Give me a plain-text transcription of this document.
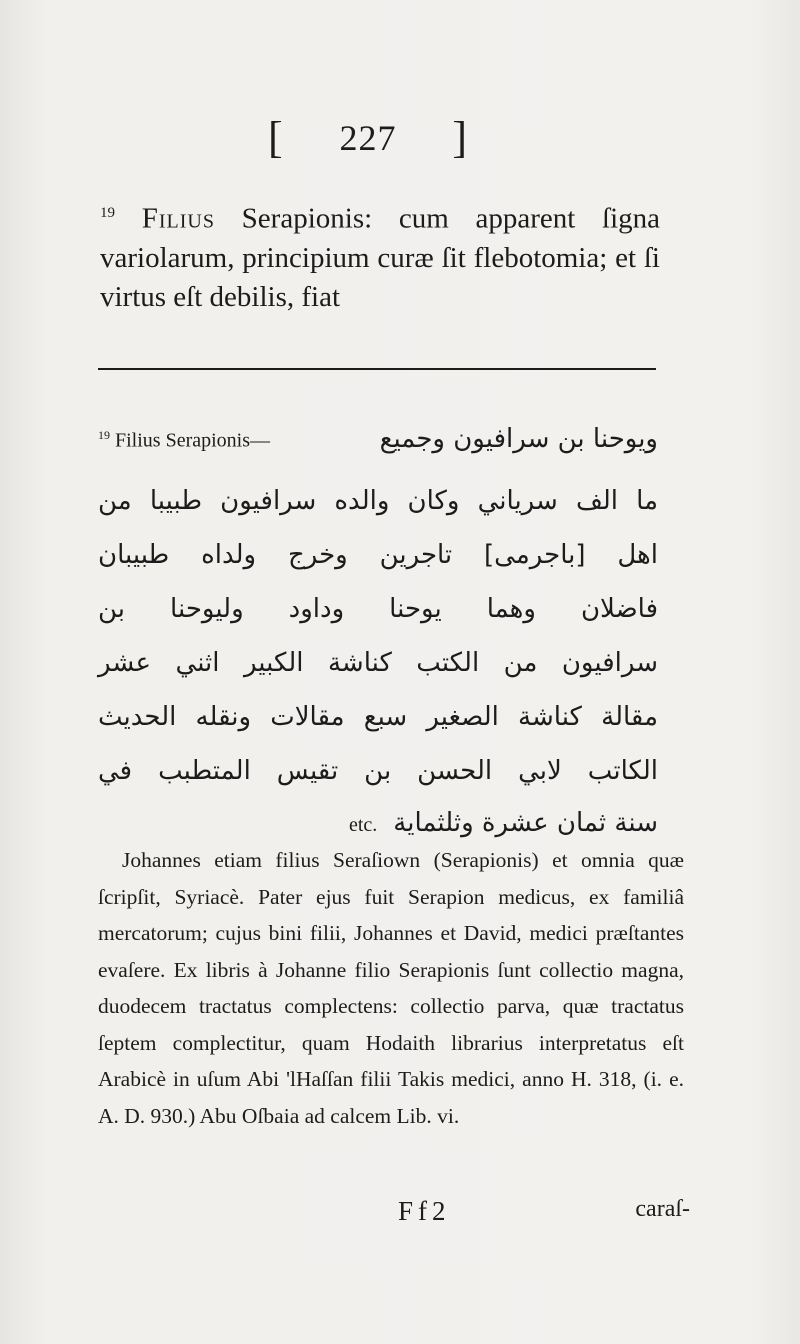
[ 227 ]
$^{19}$ Filius Serapionis: cum apparent ſigna variolarum, principium curæ ſit flebotomia; et ſi virtus eſt debilis, fiat
$^{19}$ Filius Serapionis—	ويوحنا بن سرافيون وجميع
ما الف سرياني وكان والده سرافيون طبيبا من
اهل [باجرمى] تاجرين وخرج ولداه طبيبان
فاضلان وهما يوحنا وداود وليوحنا بن
سرافيون من الكتب كناشة الكبير اثني عشر
مقالة كناشة الصغير سبع مقالات ونقله الحديث
الكاتب لابي الحسن بن تقيس المتطبب في
etc. سنة ثمان عشرة وثلثماية

Johannes etiam filius Seraſiown (Serapionis) et omnia quæ ſcripſit, Syriacè. Pater ejus fuit Serapion medicus, ex familiâ mercatorum; cujus bini filii, Johannes et David, medici præſtantes evaſere. Ex libris à Johanne filio Serapionis ſunt collectio magna, duodecem tractatus complectens: collectio parva, quæ tractatus ſeptem complectitur, quam Hodaith librarius interpretatus eſt Arabicè in uſum Abi 'lHaſſan filii Takis medici, anno H. 318, (i. e. A. D. 930.) Abu Oſbaia ad calcem Lib. vi.

Ff2	caraſ-
